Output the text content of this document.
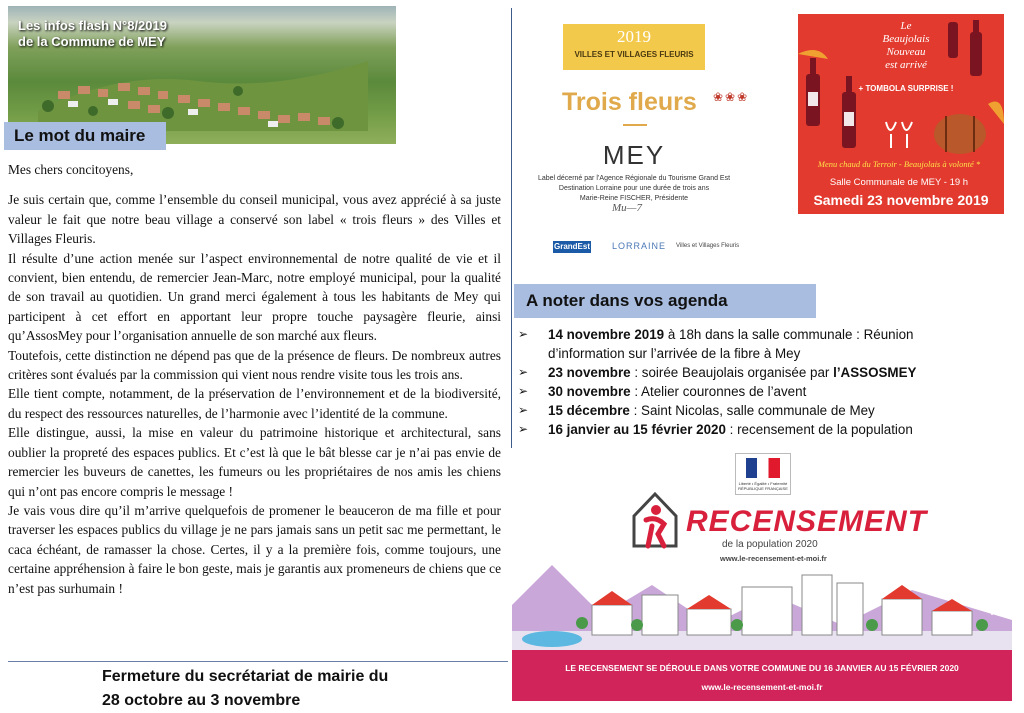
Les infos flash N°8/2019
de la Commune de MEY
Le mot du maire

Mes chers concitoyens,

Je suis certain que, comme l’ensemble du conseil municipal, vous avez apprécié à sa juste valeur le fait que notre beau village a conservé son label « trois fleurs » des Villes et Villages Fleuris.

Il résulte d’une action menée sur l’aspect environnemental de notre qualité de vie et il convient, bien entendu, de remercier Jean-Marc, notre employé municipal, pour la qualité de son travail au quotidien. Un grand merci également à tous les habitants de Mey qui participent à cet effort en apportant leur propre touche paysagère fleurie, ainsi qu’AssosMey pour l’organisation annuelle de son marché aux fleurs.

Toutefois, cette distinction ne dépend pas que de la présence de fleurs. De nombreux autres critères sont évalués par la commission qui vient nous rendre visite tous les trois ans.

Elle tient compte, notamment, de la préservation de l’environnement et de la biodiversité, du respect des ressources naturelles, de l’harmonie avec l’identité de la commune.

Elle distingue, aussi, la mise en valeur du patrimoine historique et architectural, sans oublier la propreté des espaces publics. Et c’est là que le bât blesse car je n’ai pas envie de remercier les buveurs de canettes, les fumeurs ou les propriétaires de nos amis les chiens qui n’ont pas encore compris le message !

Je vais vous dire qu’il m’arrive quelquefois de promener le beauceron de ma fille et pour traverser les espaces publics du village je ne pars jamais sans un petit sac me permettant, le caca échéant, de ramasser la chose. Certes, il y a la première fois, comme toujours, une certaine appréhension à faire le bon geste, mais je garantis aux promeneurs de chiens que ce n’est pas surhumain !

Fermeture du secrétariat de mairie du
28 octobre au 3 novembre
2019
VILLES ET VILLAGES FLEURIS
Trois fleurs ❀❀❀
MEY
Label décerné par l’Agence Régionale du Tourisme Grand Est
Destination Lorraine pour une durée de trois ans
Marie-Reine FISCHER, Présidente
Mu—7
GrandEst LORRAINE Villes et Villages Fleuris
Le
Beaujolais
Nouveau
est arrivé
+ TOMBOLA SURPRISE !
Menu chaud du Terroir - Beaujolais à volonté *
Salle Communale de MEY - 19 h
Samedi 23 novembre 2019
A noter dans vos agenda
➢ 14 novembre 2019 à 18h dans la salle communale : Réunion
d’information sur l’arrivée de la fibre à Mey
➢ 23 novembre : soirée Beaujolais organisée par l’ASSOSMEY
➢ 30 novembre : Atelier couronnes de l’avent
➢ 15 décembre : Saint Nicolas, salle communale de Mey
➢ 16 janvier au 15 février 2020 : recensement de la population
Liberté • Égalité • Fraternité RÉPUBLIQUE FRANÇAISE
RECENSEMENT
de la population 2020
www.le-recensement-et-moi.fr
LE RECENSEMENT SE DÉROULE DANS VOTRE COMMUNE DU 16 JANVIER AU 15 FÉVRIER 2020
www.le-recensement-et-moi.fr
